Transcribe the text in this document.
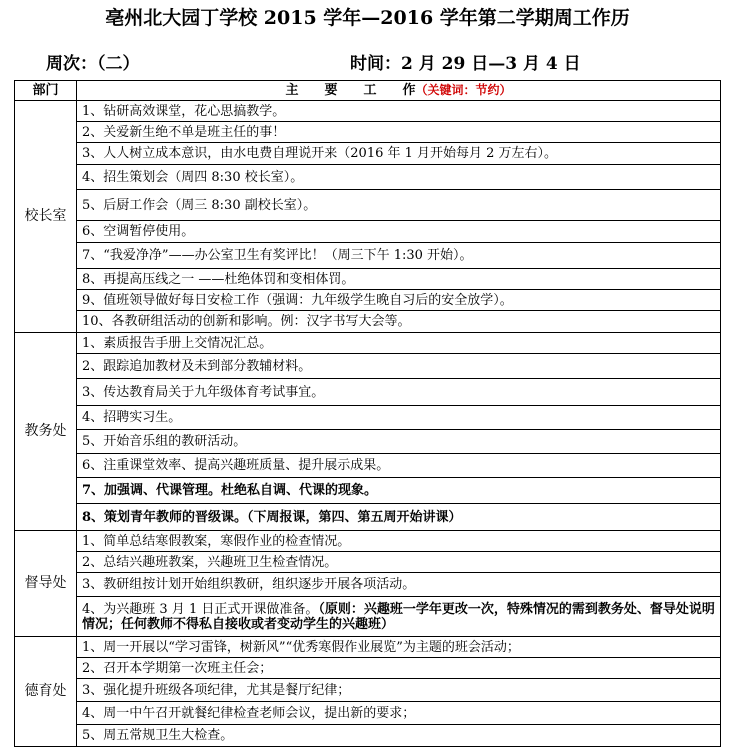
亳州北大园丁学校 2015 学年—2016 学年第二学期周工作历
周次：（二）	时间：2 月 29 日—3 月 4 日
部门	主　　要　　工　　作（关键词：节约）
校长室	1、钻研高效课堂，花心思搞教学。
	2、关爱新生绝不单是班主任的事！
	3、人人树立成本意识，由水电费自理说开来（2016 年 1 月开始每月 2 万左右）。
	4、招生策划会（周四 8:30 校长室）。
	5、后厨工作会（周三 8:30 副校长室）。
	6、空调暂停使用。
	7、“我爱净净”——办公室卫生有奖评比！（周三下午 1:30 开始）。
	8、再提高压线之一 ——杜绝体罚和变相体罚。
	9、值班领导做好每日安检工作（强调：九年级学生晚自习后的安全放学）。
	10、各教研组活动的创新和影响。例：汉字书写大会等。
教务处	1、素质报告手册上交情况汇总。
	2、跟踪追加教材及未到部分教辅材料。
	3、传达教育局关于九年级体育考试事宜。
	4、招聘实习生。
	5、开始音乐组的教研活动。
	6、注重课堂效率、提高兴趣班质量、提升展示成果。
	7、加强调、代课管理。杜绝私自调、代课的现象。
	8、策划青年教师的晋级课。（下周报课，第四、第五周开始讲课）
督导处	1、简单总结寒假教案，寒假作业的检查情况。
	2、总结兴趣班教案，兴趣班卫生检查情况。
	3、教研组按计划开始组织教研，组织逐步开展各项活动。
	4、为兴趣班 3 月 1 日正式开课做准备。（原则：兴趣班一学年更改一次，特殊情况的需到教务处、督导处说明情况；任何教师不得私自接收或者变动学生的兴趣班）
德育处	1、周一开展以“学习雷锋，树新风”“优秀寒假作业展览”为主题的班会活动；
	2、召开本学期第一次班主任会；
	3、强化提升班级各项纪律，尤其是餐厅纪律；
	4、周一中午召开就餐纪律检查老师会议，提出新的要求；
	5、周五常规卫生大检查。
